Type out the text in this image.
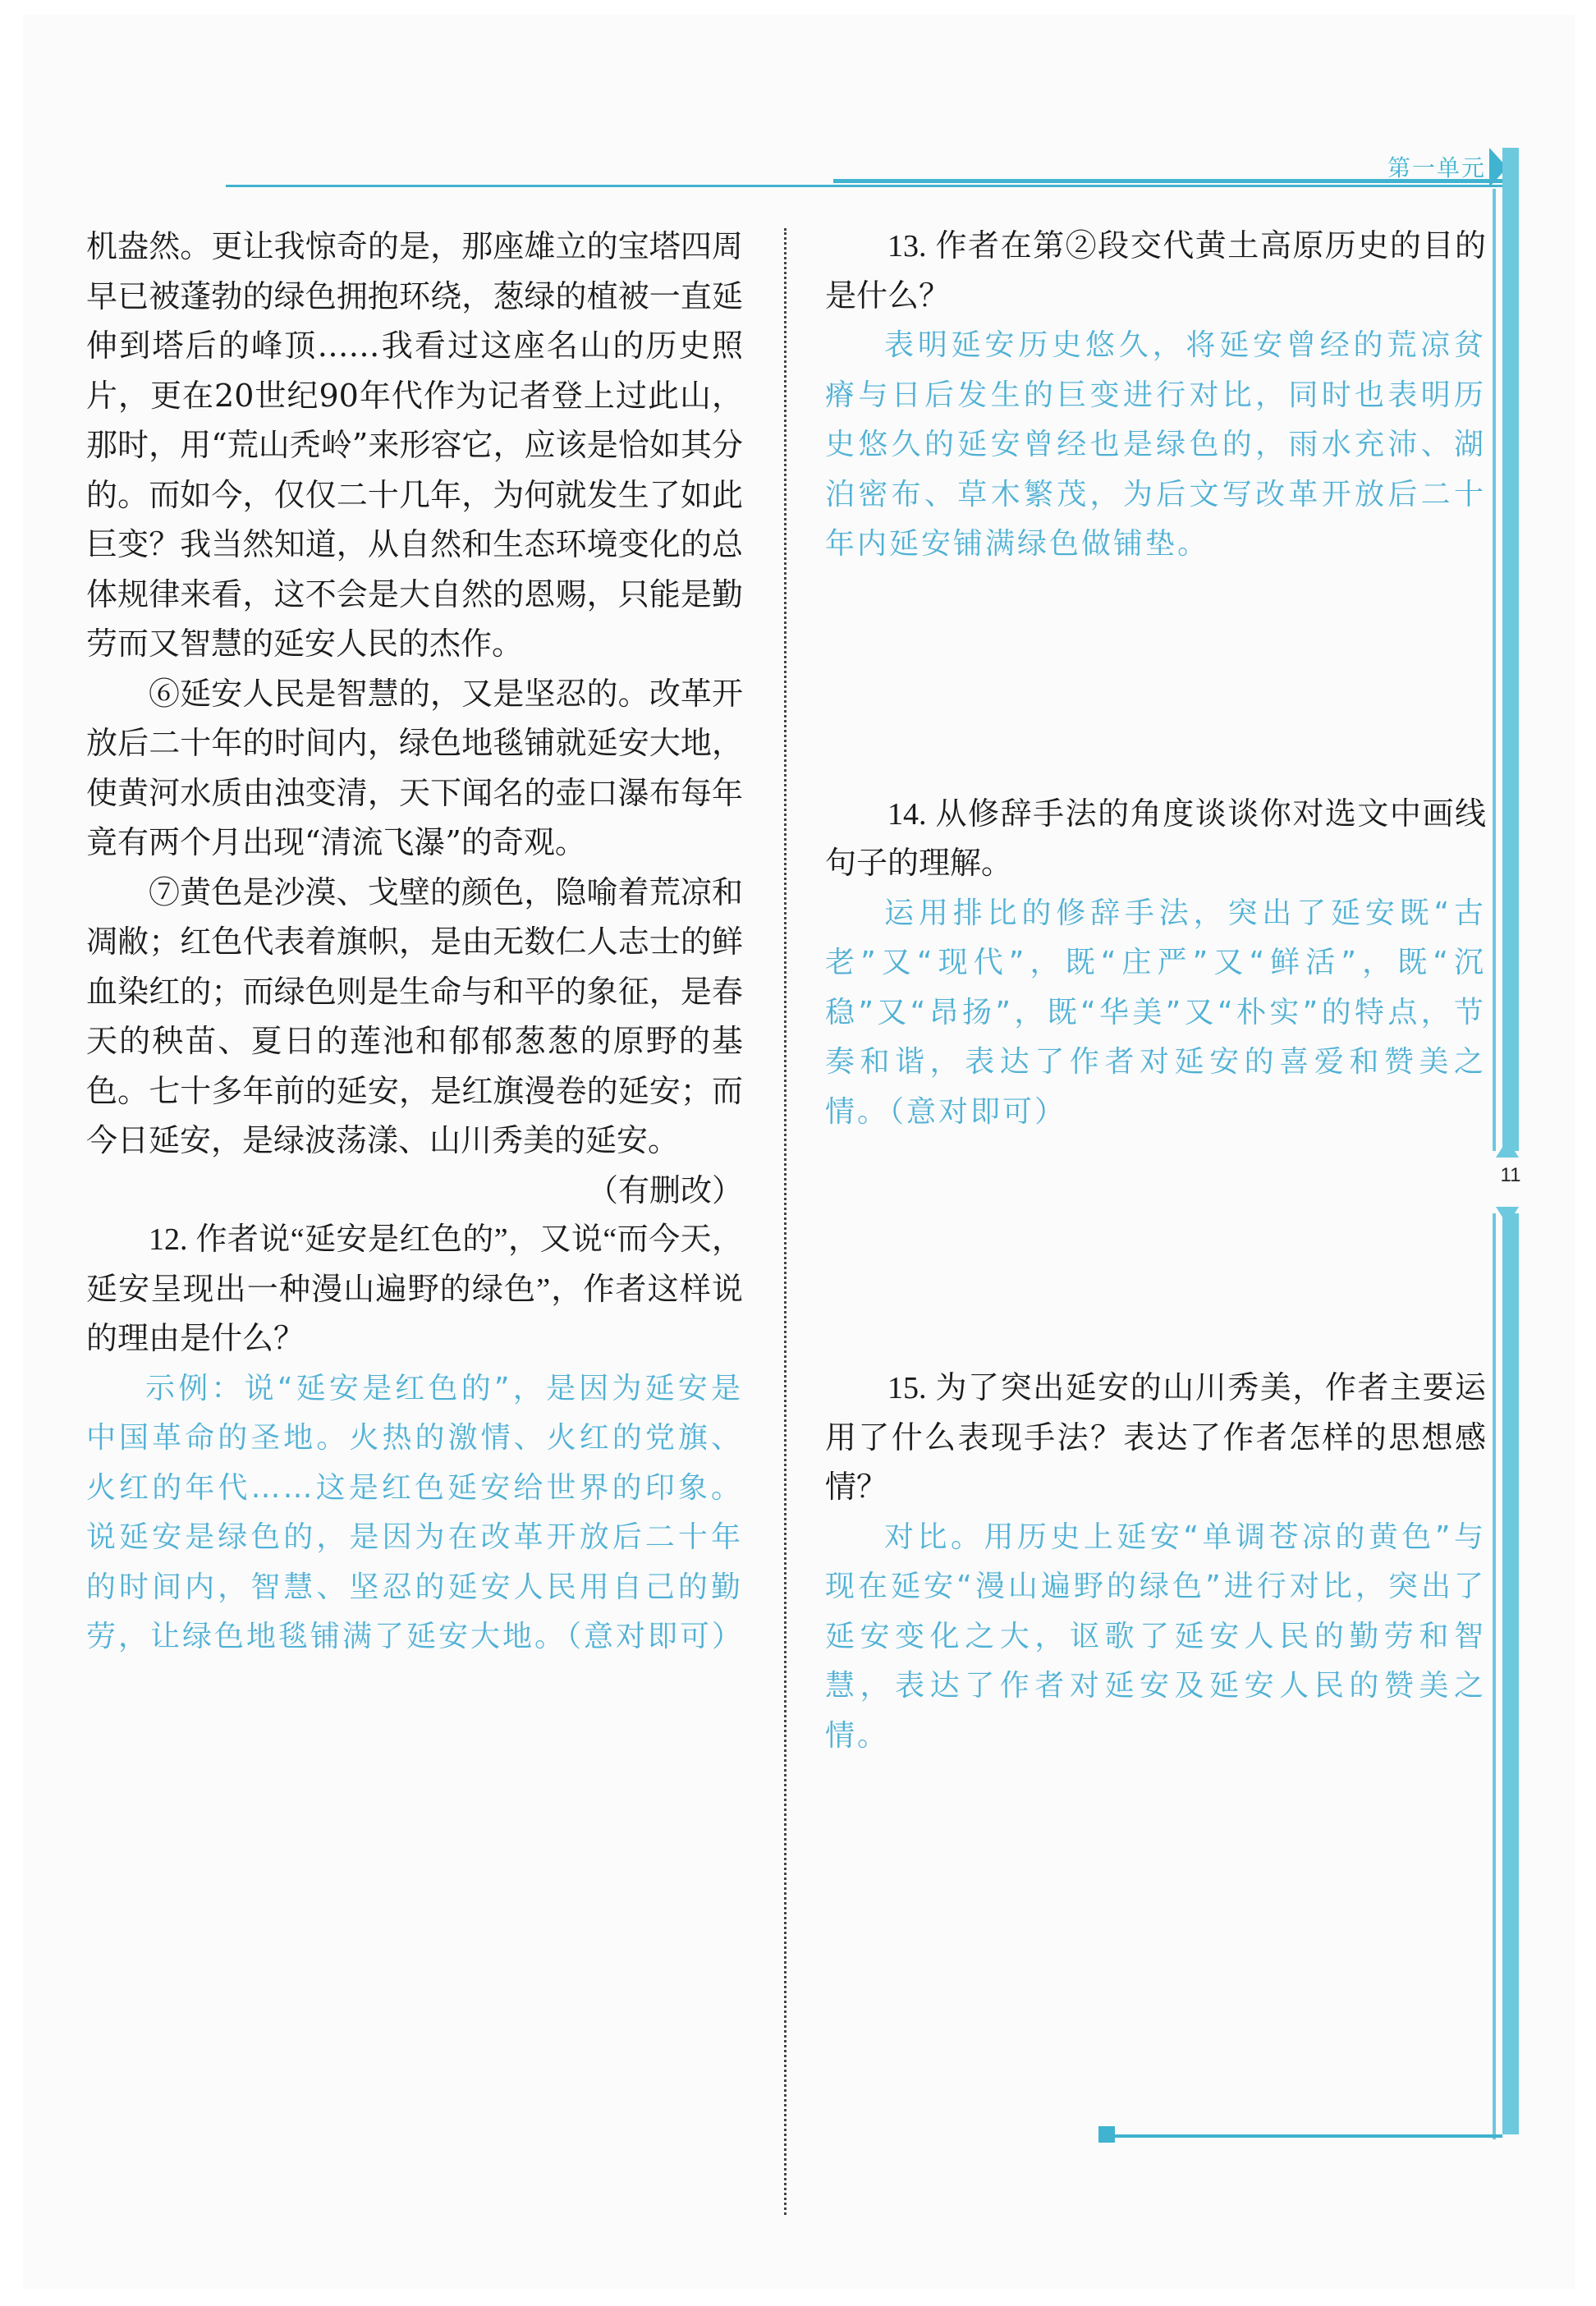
第一单元
11

机盎然。更让我惊奇的是，那座雄立的宝塔四周早已被蓬勃的绿色拥抱环绕，葱绿的植被一直延伸到塔后的峰顶……我看过这座名山的历史照片，更在20世纪90年代作为记者登上过此山，那时，用“荒山秃岭”来形容它，应该是恰如其分的。而如今，仅仅二十几年，为何就发生了如此巨变？我当然知道，从自然和生态环境变化的总体规律来看，这不会是大自然的恩赐，只能是勤劳而又智慧的延安人民的杰作。

⑥延安人民是智慧的，又是坚忍的。改革开放后二十年的时间内，绿色地毯铺就延安大地，使黄河水质由浊变清，天下闻名的壶口瀑布每年竟有两个月出现“清流飞瀑”的奇观。

⑦黄色是沙漠、戈壁的颜色，隐喻着荒凉和凋敝；红色代表着旗帜，是由无数仁人志士的鲜血染红的；而绿色则是生命与和平的象征，是春天的秧苗、夏日的莲池和郁郁葱葱的原野的基色。七十多年前的延安，是红旗漫卷的延安；而今日延安，是绿波荡漾、山川秀美的延安。

（有删改）

12. 作者说“延安是红色的”，又说“而今天，延安呈现出一种漫山遍野的绿色”，作者这样说的理由是什么？

示例：说“延安是红色的”，是因为延安是中国革命的圣地。火热的激情、火红的党旗、火红的年代……这是红色延安给世界的印象。说延安是绿色的，是因为在改革开放后二十年的时间内，智慧、坚忍的延安人民用自己的勤劳，让绿色地毯铺满了延安大地。（意对即可）

13. 作者在第②段交代黄土高原历史的目的是什么？

表明延安历史悠久，将延安曾经的荒凉贫瘠与日后发生的巨变进行对比，同时也表明历史悠久的延安曾经也是绿色的，雨水充沛、湖泊密布、草木繁茂，为后文写改革开放后二十年内延安铺满绿色做铺垫。

14. 从修辞手法的角度谈谈你对选文中画线句子的理解。

运用排比的修辞手法，突出了延安既“古老”又“现代”，既“庄严”又“鲜活”，既“沉稳”又“昂扬”，既“华美”又“朴实”的特点，节奏和谐，表达了作者对延安的喜爱和赞美之情。（意对即可）

15. 为了突出延安的山川秀美，作者主要运用了什么表现手法？表达了作者怎样的思想感情？

对比。用历史上延安“单调苍凉的黄色”与现在延安“漫山遍野的绿色”进行对比，突出了延安变化之大，讴歌了延安人民的勤劳和智慧，表达了作者对延安及延安人民的赞美之情。
